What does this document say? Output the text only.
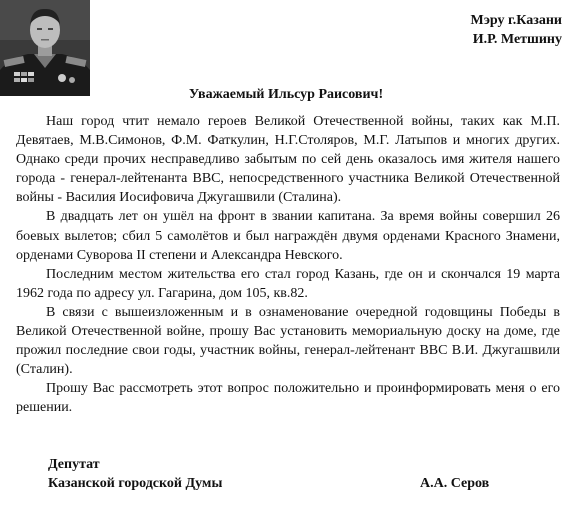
Мэру г.Казани
И.Р. Метшину
Уважаемый Ильсур Раисович!

Наш город чтит немало героев Великой Отечественной войны, таких как М.П. Девятаев, М.В.Симонов, Ф.М. Фаткулин, Н.Г.Столяров, М.Г. Латыпов и многих других. Однако среди прочих несправедливо забытым по сей день оказалось имя жителя нашего города - генерал-лейтенанта ВВС, непосредственного участника Великой Отечественной войны - Василия Иосифовича Джугашвили (Сталина).

В двадцать лет он ушёл на фронт в звании капитана. За время войны совершил 26 боевых вылетов; сбил 5 самолётов и был награждён двумя орденами Красного Знамени, орденами Суворова II степени и Александра Невского.

Последним местом жительства его стал город Казань, где он и скончался 19 марта 1962 года по адресу ул. Гагарина, дом 105, кв.82.

В связи с вышеизложенным и в ознаменование очередной годовщины Победы в Великой Отечественной войне, прошу Вас установить мемориальную доску на доме, где прожил последние свои годы, участник войны, генерал-лейтенант ВВС В.И. Джугашвили (Сталин).

Прошу Вас рассмотреть этот вопрос положительно и проинформировать меня о его решении.

Депутат
Казанской городской Думы	А.А. Серов
